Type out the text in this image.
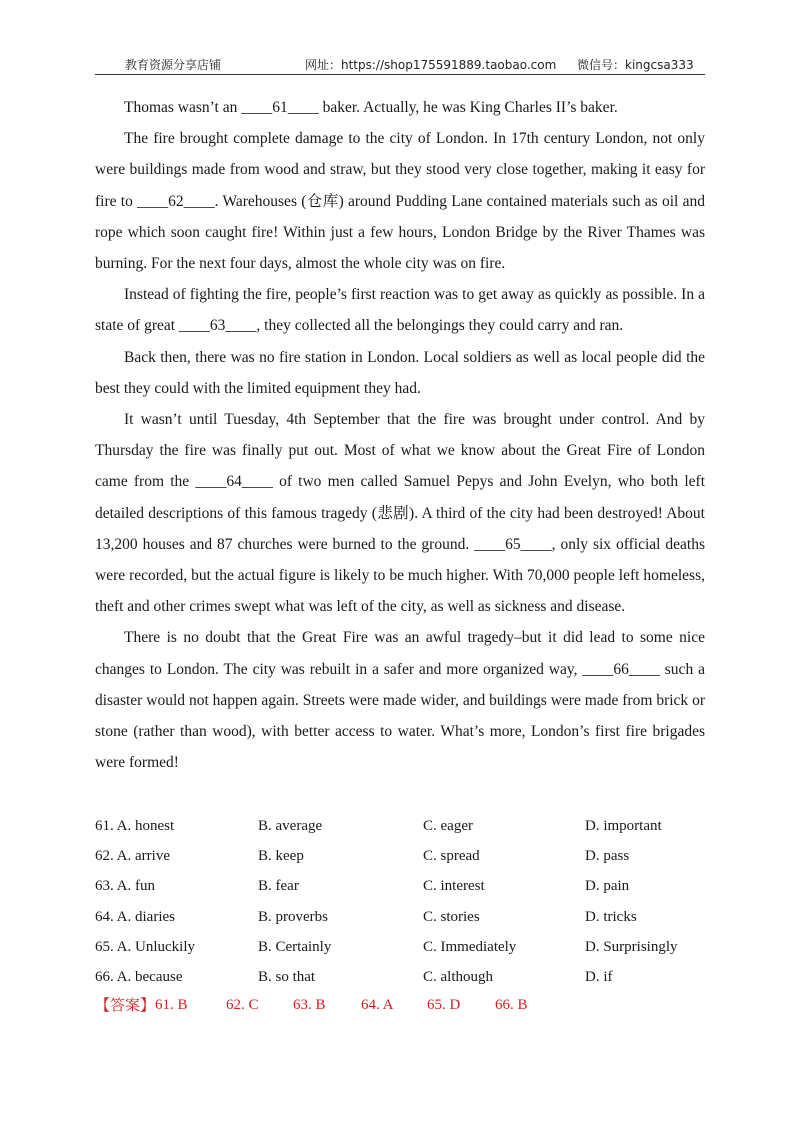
教育资源分享店铺	网址：https://shop175591889.taobao.com 微信号：kingcsa333

Thomas wasn’t an ____61____ baker. Actually, he was King Charles II’s baker.

The fire brought complete damage to the city of London. In 17th century London, not only were buildings made from wood and straw, but they stood very close together, making it easy for fire to ____62____. Warehouses (仓库) around Pudding Lane contained materials such as oil and rope which soon caught fire! Within just a few hours, London Bridge by the River Thames was burning. For the next four days, almost the whole city was on fire.

Instead of fighting the fire, people’s first reaction was to get away as quickly as possible. In a state of great ____63____, they collected all the belongings they could carry and ran.

Back then, there was no fire station in London. Local soldiers as well as local people did the best they could with the limited equipment they had.

It wasn’t until Tuesday, 4th September that the fire was brought under control. And by Thursday the fire was finally put out. Most of what we know about the Great Fire of London came from the ____64____ of two men called Samuel Pepys and John Evelyn, who both left detailed descriptions of this famous tragedy (悲剧). A third of the city had been destroyed! About 13,200 houses and 87 churches were burned to the ground. ____65____, only six official deaths were recorded, but the actual figure is likely to be much higher. With 70,000 people left homeless, theft and other crimes swept what was left of the city, as well as sickness and disease.

There is no doubt that the Great Fire was an awful tragedy–but it did lead to some nice changes to London. The city was rebuilt in a safer and more organized way, ____66____ such a disaster would not happen again. Streets were made wider, and buildings were made from brick or stone (rather than wood), with better access to water. What’s more, London’s first fire brigades were formed!

61. A. honest	B. average	C. eager	D. important
62. A. arrive	B. keep	C. spread	D. pass
63. A. fun	B. fear	C. interest	D. pain
64. A. diaries	B. proverbs	C. stories	D. tricks
65. A. Unluckily	B. Certainly	C. Immediately	D. Surprisingly
66. A. because	B. so that	C. although	D. if
【答案】 61. B	62. C 63. B 64. A 65. D 66. B
